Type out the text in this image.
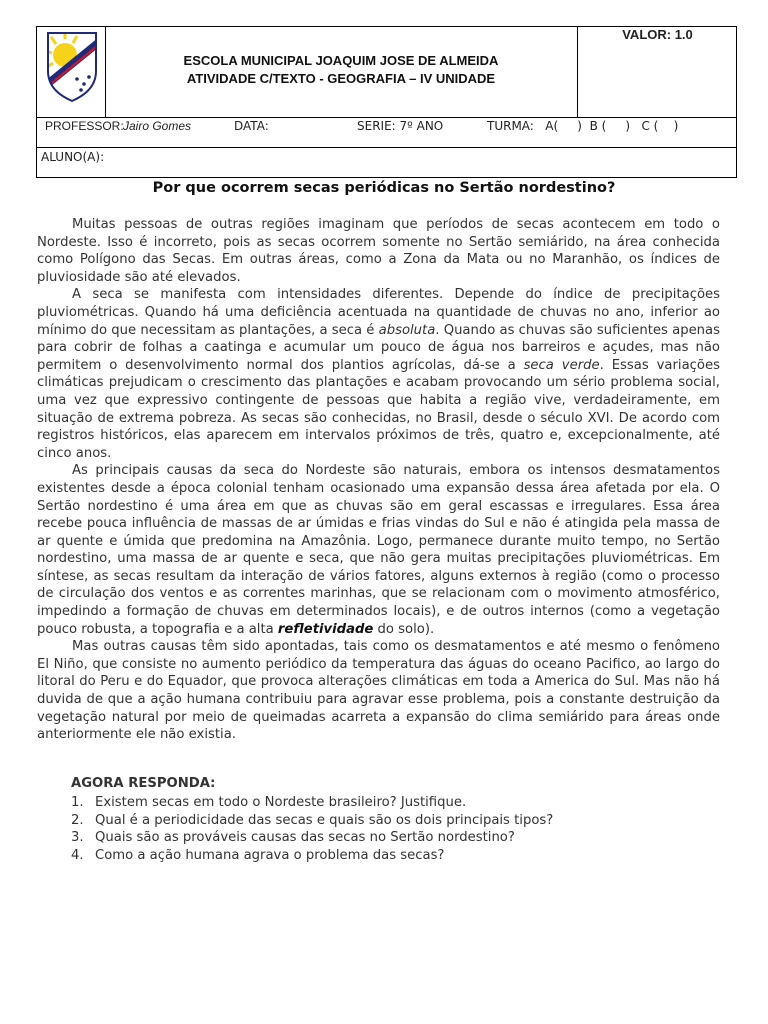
ESCOLA MUNICIPAL JOAQUIM JOSE DE ALMEIDA
ATIVIDADE C/TEXTO - GEOGRAFIA – IV UNIDADE
VALOR: 1.0
PROFESSOR: Jairo Gomes	DATA:	SERIE: 7º ANO	TURMA:   A(     )  B (     )   C (    )
ALUNO(A):
Por que ocorrem secas periódicas no Sertão nordestino?

Muitas pessoas de outras regiões imaginam que períodos de secas acontecem em todo o Nordeste. Isso é incorreto, pois as secas ocorrem somente no Sertão semiárido, na área conhecida como Polígono das Secas. Em outras áreas, como a Zona da Mata ou no Maranhão, os índices de pluviosidade são até elevados.

A seca se manifesta com intensidades diferentes. Depende do índice de precipitações pluviométricas. Quando há uma deficiência acentuada na quantidade de chuvas no ano, inferior ao mínimo do que necessitam as plantações, a seca é absoluta. Quando as chuvas são suficientes apenas para cobrir de folhas a caatinga e acumular um pouco de água nos barreiros e açudes, mas não permitem o desenvolvimento normal dos plantios agrícolas, dá-se a seca verde. Essas variações climáticas prejudicam o crescimento das plantações e acabam provocando um sério problema social, uma vez que expressivo contingente de pessoas que habita a região vive, verdadeiramente, em situação de extrema pobreza. As secas são conhecidas, no Brasil, desde o século XVI. De acordo com registros históricos, elas aparecem em intervalos próximos de três, quatro e, excepcionalmente, até cinco anos.

As principais causas da seca do Nordeste são naturais, embora os intensos desmatamentos existentes desde a época colonial tenham ocasionado uma expansão dessa área afetada por ela. O Sertão nordestino é uma área em que as chuvas são em geral escassas e irregulares. Essa área recebe pouca influência de massas de ar úmidas e frias vindas do Sul e não é atingida pela massa de ar quente e úmida que predomina na Amazônia. Logo, permanece durante muito tempo, no Sertão nordestino, uma massa de ar quente e seca, que não gera muitas precipitações pluviométricas. Em síntese, as secas resultam da interação de vários fatores, alguns externos à região (como o processo de circulação dos ventos e as correntes marinhas, que se relacionam com o movimento atmosférico, impedindo a formação de chuvas em determinados locais), e de outros internos (como a vegetação pouco robusta, a topografia e a alta refletividade do solo).

Mas outras causas têm sido apontadas, tais como os desmatamentos e até mesmo o fenômeno El Niño, que consiste no aumento periódico da temperatura das águas do oceano Pacifico, ao largo do litoral do Peru e do Equador, que provoca alterações climáticas em toda a America do Sul. Mas não há duvida de que a ação humana contribuiu para agravar esse problema, pois a constante destruição da vegetação natural por meio de queimadas acarreta a expansão do clima semiárido para áreas onde anteriormente ele não existia.

AGORA RESPONDA:
1. Existem secas em todo o Nordeste brasileiro? Justifique.
2. Qual é a periodicidade das secas e quais são os dois principais tipos?
3. Quais são as prováveis causas das secas no Sertão nordestino?
4. Como a ação humana agrava o problema das secas?
